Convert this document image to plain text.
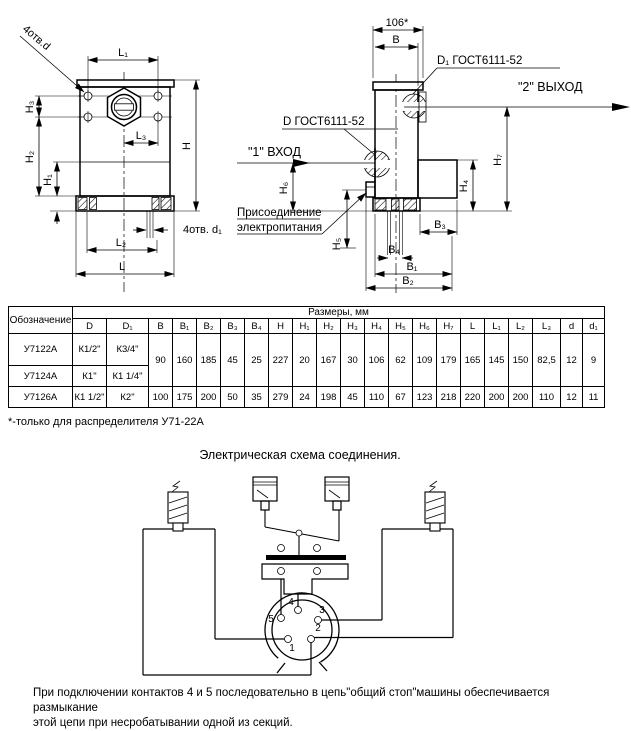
L₁
4отв.d
L₃
H
H₃
H₂
H₁
4отв. d₁
L₂
L
106*
B
D₁ ГОСТ6111-52
"2" ВЫХОД
D ГОСТ6111-52
"1" ВХОД
H₆
H₅
Присоединение
электропитания
H₄
H₇
B₃
B₄
B₁
B₂
Обозначение	Размеры, мм																				
	D	D₁	B	B₁	B₂	B₃	B₄	H	H₁	H₂	H₃	H₄	H₅	H₆	H₇	L	L₁	L₂	L₃	d	d₁
У7122А	К1/2"	К3/4"	90	160	185	45	25	227	20	167	30	106	62	109	179	165	145	150	82,5	12	9
У7124А	К1"	К1 1/4"																			
У7126А	К1 1/2"	К2"	100	175	200	50	35	279	24	198	45	110	67	123	218	220	200	200	110	12	11
*-только для распределителя У71-22А
Электрическая схема соединения.
4
3
5
1
2
При подключении контактов 4 и 5 последовательно в цепь"общий стоп"машины обеспечивается размыкание
этой цепи при несробатывании одной из секций.
